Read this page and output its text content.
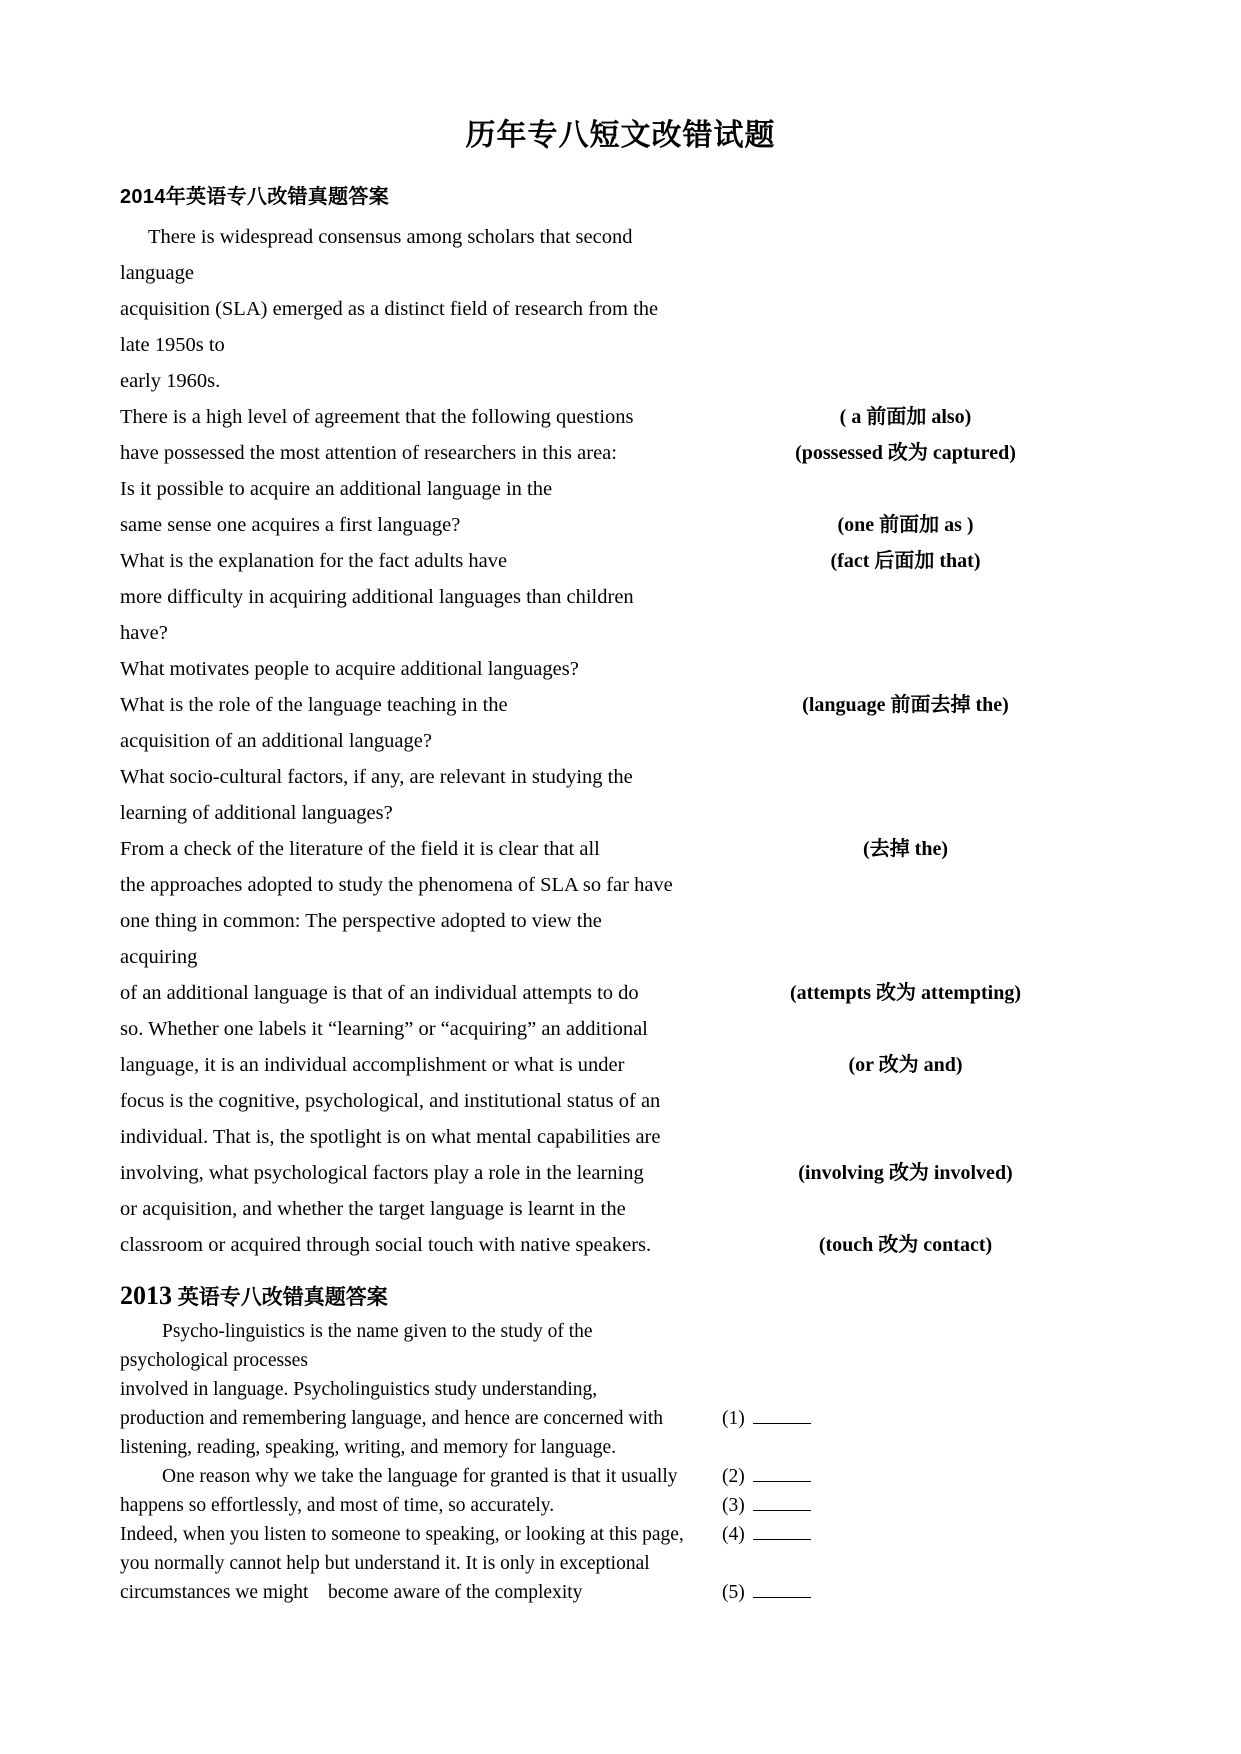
历年专八短文改错试题
2014年英语专八改错真题答案
There is widespread consensus among scholars that second language
acquisition (SLA) emerged as a distinct field of research from the late 1950s to
early 1960s.
There is a high level of agreement that the following questions	( a 前面加 also)
have possessed the most attention of researchers in this area:	(possessed 改为 captured)
Is it possible to acquire an additional language in the
same sense one acquires a first language?	(one 前面加 as )
What is the explanation for the fact adults have	(fact 后面加 that)
more difficulty in acquiring additional languages than children have?
What motivates people to acquire additional languages?
What is the role of the language teaching in the	(language 前面去掉 the)
acquisition of an additional language?
What socio-cultural factors, if any, are relevant in studying the
learning of additional languages?
From a check of the literature of the field it is clear that all	(去掉 the)
the approaches adopted to study the phenomena of SLA so far have
one thing in common: The perspective adopted to view the acquiring
of an additional language is that of an individual attempts to do	(attempts 改为 attempting)
so. Whether one labels it “learning” or “acquiring” an additional
language, it is an individual accomplishment or what is under	(or 改为 and)
focus is the cognitive, psychological, and institutional status of an
individual. That is, the spotlight is on what mental capabilities are
involving, what psychological factors play a role in the learning	(involving 改为 involved)
or acquisition, and whether the target language is learnt in the
classroom or acquired through social touch with native speakers.	(touch 改为 contact)
2013 英语专八改错真题答案
Psycho-linguistics is the name given to the study of the psychological processes
involved in language. Psycholinguistics study understanding,
production and remembering language, and hence are concerned with	(1)
listening, reading, speaking, writing, and memory for language.
One reason why we take the language for granted is that it usually	(2)
happens so effortlessly, and most of time, so accurately.	(3)
Indeed, when you listen to someone to speaking, or looking at this page,	(4)
you normally cannot help but understand it. It is only in exceptional
circumstances we might    become aware of the complexity	(5)
